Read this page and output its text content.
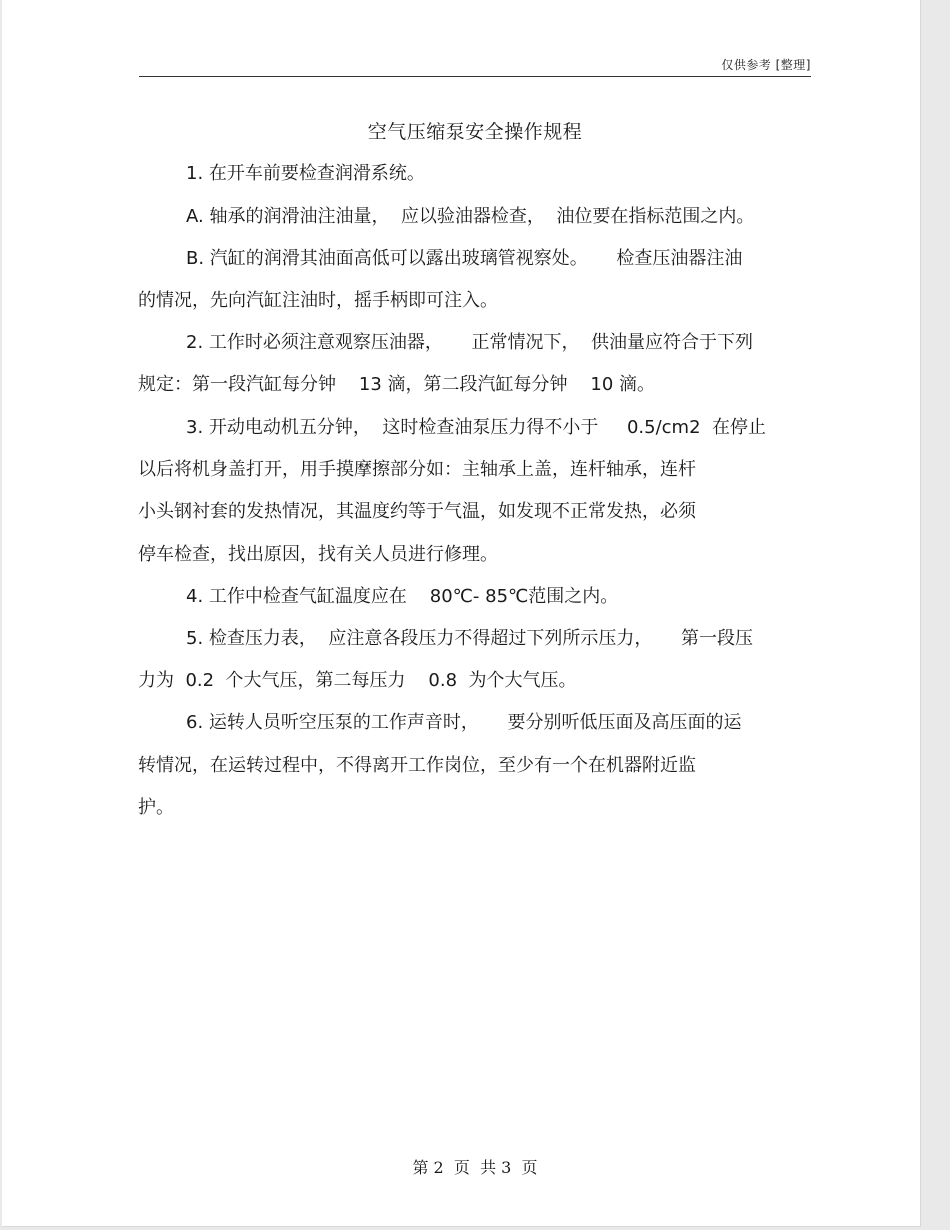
仅供参考 [整理]
空气压缩泵安全操作规程
1. 在开车前要检查润滑系统。
A. 轴承的润滑油注油量，  应以验油器检查，  油位要在指标范围之内。
B. 汽缸的润滑其油面高低可以露出玻璃管视察处。     检查压油器注油
的情况，先向汽缸注油时，摇手柄即可注入。
2. 工作时必须注意观察压油器，     正常情况下，  供油量应符合于下列
规定：第一段汽缸每分钟    13 滴，第二段汽缸每分钟    10 滴。
3. 开动电动机五分钟，  这时检查油泵压力得不小于     0.5/cm2  在停止
以后将机身盖打开，用手摸摩擦部分如：主轴承上盖，连杆轴承，连杆
小头钢衬套的发热情况，其温度约等于气温，如发现不正常发热，必须
停车检查，找出原因，找有关人员进行修理。
4. 工作中检查气缸温度应在    80℃- 85℃范围之内。
5. 检查压力表，  应注意各段压力不得超过下列所示压力，     第一段压
力为  0.2  个大气压，第二每压力    0.8  为个大气压。
6. 运转人员听空压泵的工作声音时，     要分别听低压面及高压面的运
转情况，在运转过程中，不得离开工作岗位，至少有一个在机器附近监
护。
第 2  页  共 3  页
